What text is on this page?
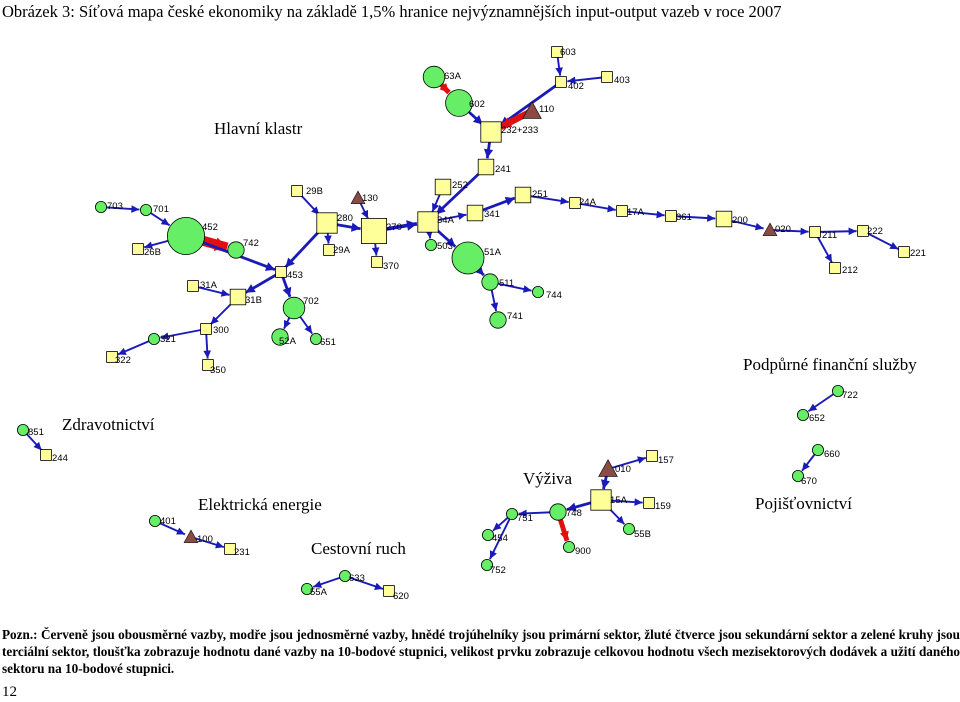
Obrázek 3: Síťová mapa české ekonomiky na základě 1,5% hranice nejvýznamnějších input-output vazeb v roce 2007
Hlavní klastr
Podpůrné finanční služby
Zdravotnictví
Elektrická energie
Výživa
Pojišťovnictví
Cestovní ruch
63A
602
603
402
403
110
232+233
241
252
251
341
34A
503
51A
511
744
741
24A
17A	361	200
020
211	222
221
212
29B
130
280
270
370
29A
703	701
452
742
26B
453
31A
31B	702
52A	651
300
321
322
350
722
652
851
244	157
010
15A
159
55B
751	748
454
752
900
660
670
401
100
231
55A
633
620
Pozn.: Červeně jsou obousměrné vazby, modře jsou jednosměrné vazby, hnědé trojúhelníky jsou primární sektor, žluté čtverce jsou sekundární sektor a zelené kruhy jsou terciální sektor, tloušťka zobrazuje hodnotu dané vazby na 10-bodové stupnici, velikost prvku zobrazuje celkovou hodnotu všech mezisektorových dodávek a užití daného sektoru na 10-bodové stupnici.
12
